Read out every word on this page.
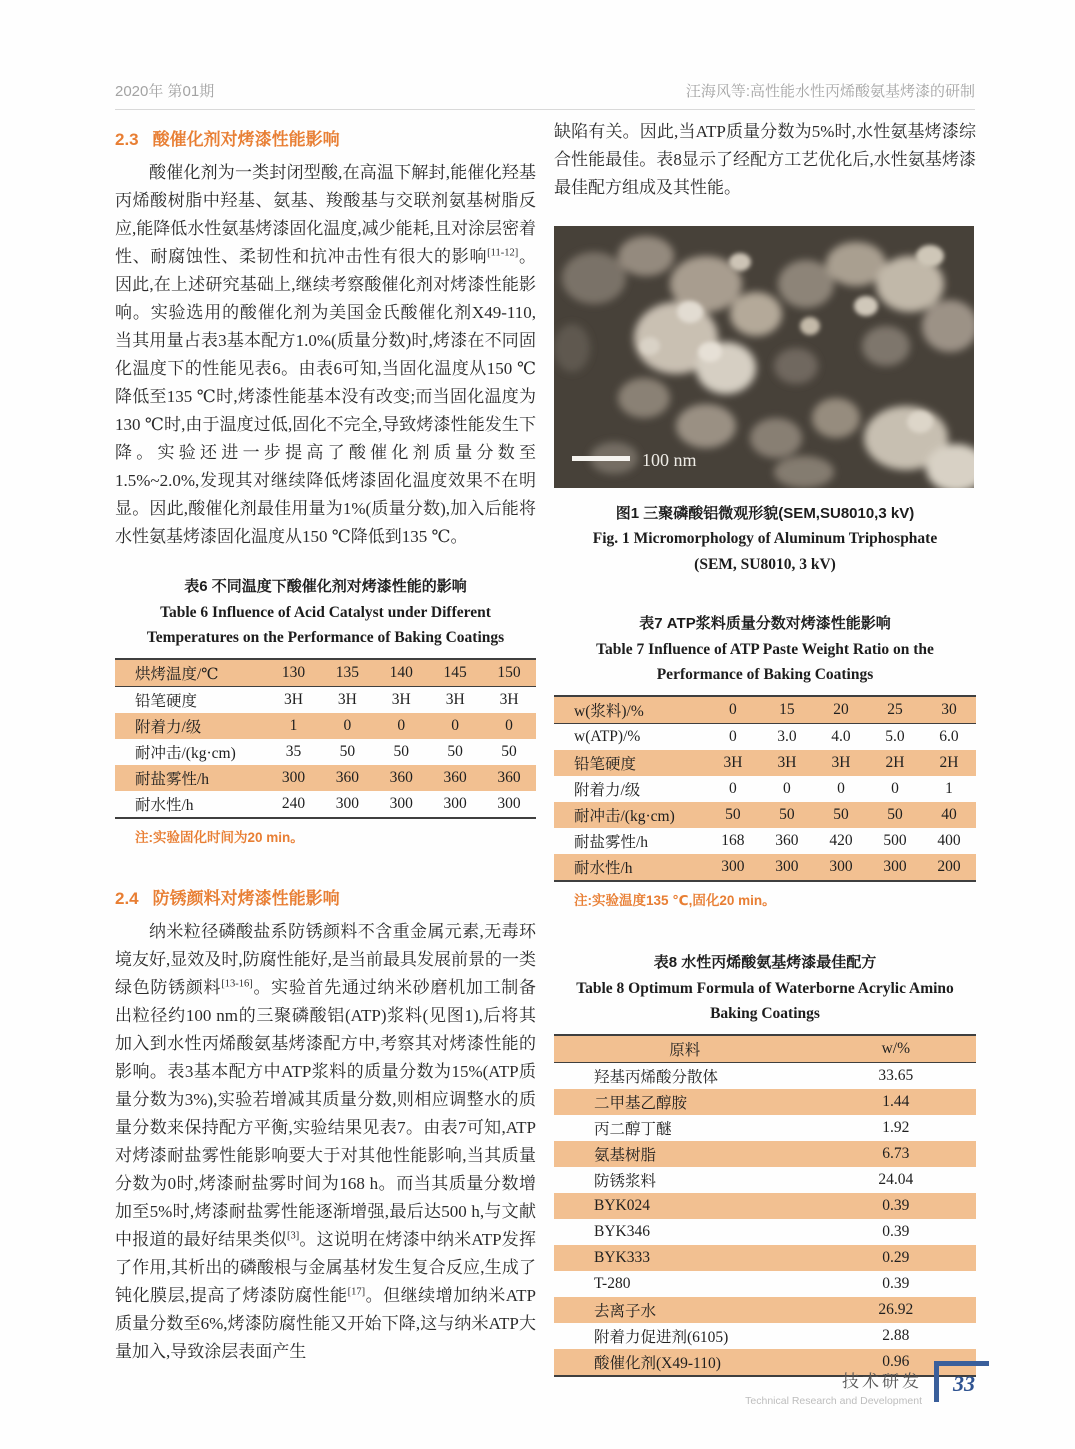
2020年 第01期	汪海风等:高性能水性丙烯酸氨基烤漆的研制
2.3 酸催化剂对烤漆性能影响

酸催化剂为一类封闭型酸,在高温下解封,能催化羟基丙烯酸树脂中羟基、氨基、羧酸基与交联剂氨基树脂反应,能降低水性氨基烤漆固化温度,减少能耗,且对涂层密着性、耐腐蚀性、柔韧性和抗冲击性有很大的影响[11-12]。因此,在上述研究基础上,继续考察酸催化剂对烤漆性能影响。实验选用的酸催化剂为美国金氏酸催化剂X49-110,当其用量占表3基本配方1.0%(质量分数)时,烤漆在不同固化温度下的性能见表6。由表6可知,当固化温度从150 ℃降低至135 ℃时,烤漆性能基本没有改变;而当固化温度为130 ℃时,由于温度过低,固化不完全,导致烤漆性能发生下降。实验还进一步提高了酸催化剂质量分数至1.5%~2.0%,发现其对继续降低烤漆固化温度效果不在明显。因此,酸催化剂最佳用量为1%(质量分数),加入后能将水性氨基烤漆固化温度从150 ℃降低到135 ℃。

表6 不同温度下酸催化剂对烤漆性能的影响
Table 6 Influence of Acid Catalyst under Different
Temperatures on the Performance of Baking Coatings
烘烤温度/℃	130	135	140	145	150
铅笔硬度	3H	3H	3H	3H	3H
附着力/级	1	0	0	0	0
耐冲击/(kg·cm)	35	50	50	50	50
耐盐雾性/h	300	360	360	360	360
耐水性/h	240	300	300	300	300
注:实验固化时间为20 min。
2.4 防锈颜料对烤漆性能影响

纳米粒径磷酸盐系防锈颜料不含重金属元素,无毒环境友好,显效及时,防腐性能好,是当前最具发展前景的一类绿色防锈颜料[13-16]。实验首先通过纳米砂磨机加工制备出粒径约100 nm的三聚磷酸铝(ATP)浆料(见图1),后将其加入到水性丙烯酸氨基烤漆配方中,考察其对烤漆性能的影响。表3基本配方中ATP浆料的质量分数为15%(ATP质量分数为3%),实验若增减其质量分数,则相应调整水的质量分数来保持配方平衡,实验结果见表7。由表7可知,ATP对烤漆耐盐雾性能影响要大于对其他性能影响,当其质量分数为0时,烤漆耐盐雾时间为168 h。而当其质量分数增加至5%时,烤漆耐盐雾性能逐渐增强,最后达500 h,与文献中报道的最好结果类似[3]。这说明在烤漆中纳米ATP发挥了作用,其析出的磷酸根与金属基材发生复合反应,生成了钝化膜层,提高了烤漆防腐性能[17]。但继续增加纳米ATP质量分数至6%,烤漆防腐性能又开始下降,这与纳米ATP大量加入,导致涂层表面产生

缺陷有关。因此,当ATP质量分数为5%时,水性氨基烤漆综合性能最佳。表8显示了经配方工艺优化后,水性氨基烤漆最佳配方组成及其性能。

100 nm
图1 三聚磷酸铝微观形貌(SEM,SU8010,3 kV)
Fig. 1 Micromorphology of Aluminum Triphosphate
(SEM, SU8010, 3 kV)
表7 ATP浆料质量分数对烤漆性能影响
Table 7 Influence of ATP Paste Weight Ratio on the
Performance of Baking Coatings
w(浆料)/%	0	15	20	25	30
w(ATP)/%	0	3.0	4.0	5.0	6.0
铅笔硬度	3H	3H	3H	2H	2H
附着力/级	0	0	0	0	1
耐冲击/(kg·cm)	50	50	50	50	40
耐盐雾性/h	168	360	420	500	400
耐水性/h	300	300	300	300	200
注:实验温度135 ℃,固化20 min。
表8 水性丙烯酸氨基烤漆最佳配方
Table 8 Optimum Formula of Waterborne Acrylic Amino
Baking Coatings
原料	w/%
羟基丙烯酸分散体	33.65
二甲基乙醇胺	1.44
丙二醇丁醚	1.92
氨基树脂	6.73
防锈浆料	24.04
BYK024	0.39
BYK346	0.39
BYK333	0.29
T-280	0.39
去离子水	26.92
附着力促进剂(6105)	2.88
酸催化剂(X49-110)	0.96
技术研发
Technical Research and Development
33
